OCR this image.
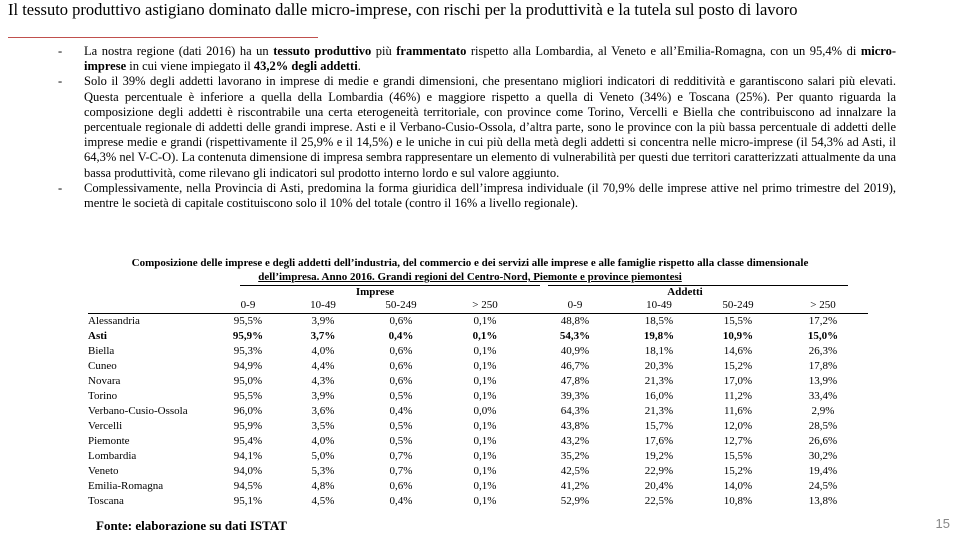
Il tessuto produttivo astigiano dominato dalle micro-imprese, con rischi per la produttività e la tutela sul posto di lavoro
- La nostra regione (dati 2016) ha un tessuto produttivo più frammentato rispetto alla Lombardia, al Veneto e all’Emilia-Romagna, con un 95,4% di micro-imprese in cui viene impiegato il 43,2% degli addetti.
- Solo il 39% degli addetti lavorano in imprese di medie e grandi dimensioni, che presentano migliori indicatori di redditività e garantiscono salari più elevati. Questa percentuale è inferiore a quella della Lombardia (46%) e maggiore rispetto a quella di Veneto (34%) e Toscana (25%). Per quanto riguarda la composizione degli addetti è riscontrabile una certa eterogeneità territoriale, con province come Torino, Vercelli e Biella che contribuiscono ad innalzare la percentuale regionale di addetti delle grandi imprese. Asti e il Verbano-Cusio-Ossola, d’altra parte, sono le province con la più bassa percentuale di addetti delle imprese medie e grandi (rispettivamente il 25,9% e il 14,5%) e le uniche in cui più della metà degli addetti si concentra nelle micro-imprese (il 54,3% ad Asti, il 64,3% nel V-C-O). La contenuta dimensione di impresa sembra rappresentare un elemento di vulnerabilità per questi due territori caratterizzati attualmente da una bassa produttività, come rilevano gli indicatori sul prodotto interno lordo e sul valore aggiunto.
- Complessivamente, nella Provincia di Asti, predomina la forma giuridica dell’impresa individuale (il 70,9% delle imprese attive nel primo trimestre del 2019), mentre le società di capitale costituiscono solo il 10% del totale (contro il 16% a livello regionale).
Composizione delle imprese e degli addetti dell’industria, del commercio e dei servizi alle imprese e alle famiglie rispetto alla classe dimensionale
dell’impresa. Anno 2016. Grandi regioni del Centro-Nord, Piemonte e province piemontesi
Imprese	Addetti
	0-9	10-49	50-249	> 250	0-9	10-49	50-249	> 250
Alessandria	95,5%	3,9%	0,6%	0,1%	48,8%	18,5%	15,5%	17,2%
Asti	95,9%	3,7%	0,4%	0,1%	54,3%	19,8%	10,9%	15,0%
Biella	95,3%	4,0%	0,6%	0,1%	40,9%	18,1%	14,6%	26,3%
Cuneo	94,9%	4,4%	0,6%	0,1%	46,7%	20,3%	15,2%	17,8%
Novara	95,0%	4,3%	0,6%	0,1%	47,8%	21,3%	17,0%	13,9%
Torino	95,5%	3,9%	0,5%	0,1%	39,3%	16,0%	11,2%	33,4%
Verbano-Cusio-Ossola	96,0%	3,6%	0,4%	0,0%	64,3%	21,3%	11,6%	2,9%
Vercelli	95,9%	3,5%	0,5%	0,1%	43,8%	15,7%	12,0%	28,5%
Piemonte	95,4%	4,0%	0,5%	0,1%	43,2%	17,6%	12,7%	26,6%
Lombardia	94,1%	5,0%	0,7%	0,1%	35,2%	19,2%	15,5%	30,2%
Veneto	94,0%	5,3%	0,7%	0,1%	42,5%	22,9%	15,2%	19,4%
Emilia-Romagna	94,5%	4,8%	0,6%	0,1%	41,2%	20,4%	14,0%	24,5%
Toscana	95,1%	4,5%	0,4%	0,1%	52,9%	22,5%	10,8%	13,8%
Fonte: elaborazione su dati ISTAT	15
